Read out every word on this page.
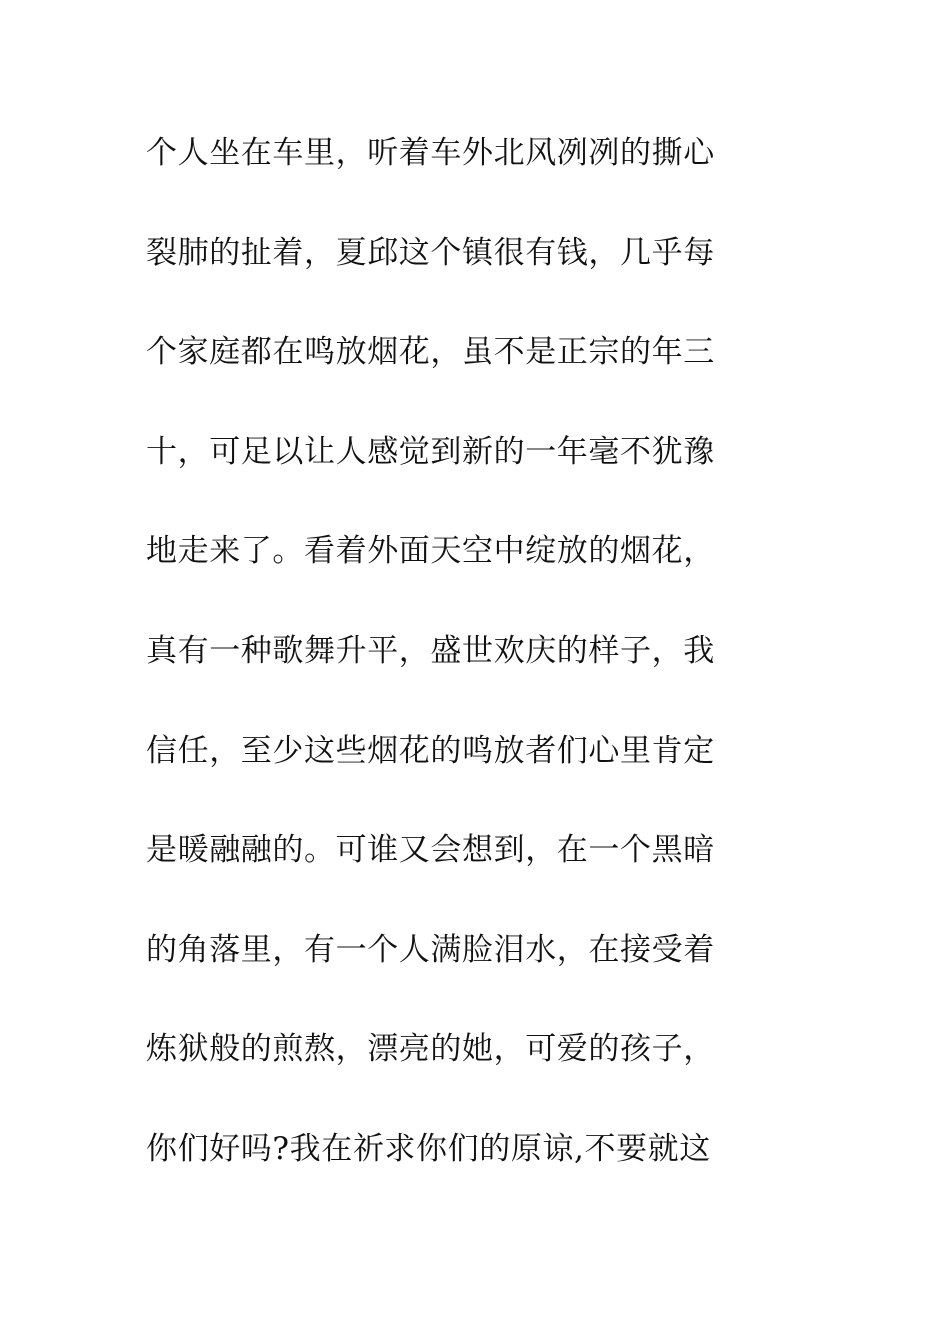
个人坐在车里，听着车外北风冽冽的撕心
裂肺的扯着，夏邱这个镇很有钱，几乎每
个家庭都在鸣放烟花，虽不是正宗的年三
十，可足以让人感觉到新的一年毫不犹豫
地走来了。看着外面天空中绽放的烟花，
真有一种歌舞升平，盛世欢庆的样子，我
信任，至少这些烟花的鸣放者们心里肯定
是暖融融的。可谁又会想到，在一个黑暗
的角落里，有一个人满脸泪水，在接受着
炼狱般的煎熬，漂亮的她，可爱的孩子，
你们好吗?我在祈求你们的原谅,不要就这
